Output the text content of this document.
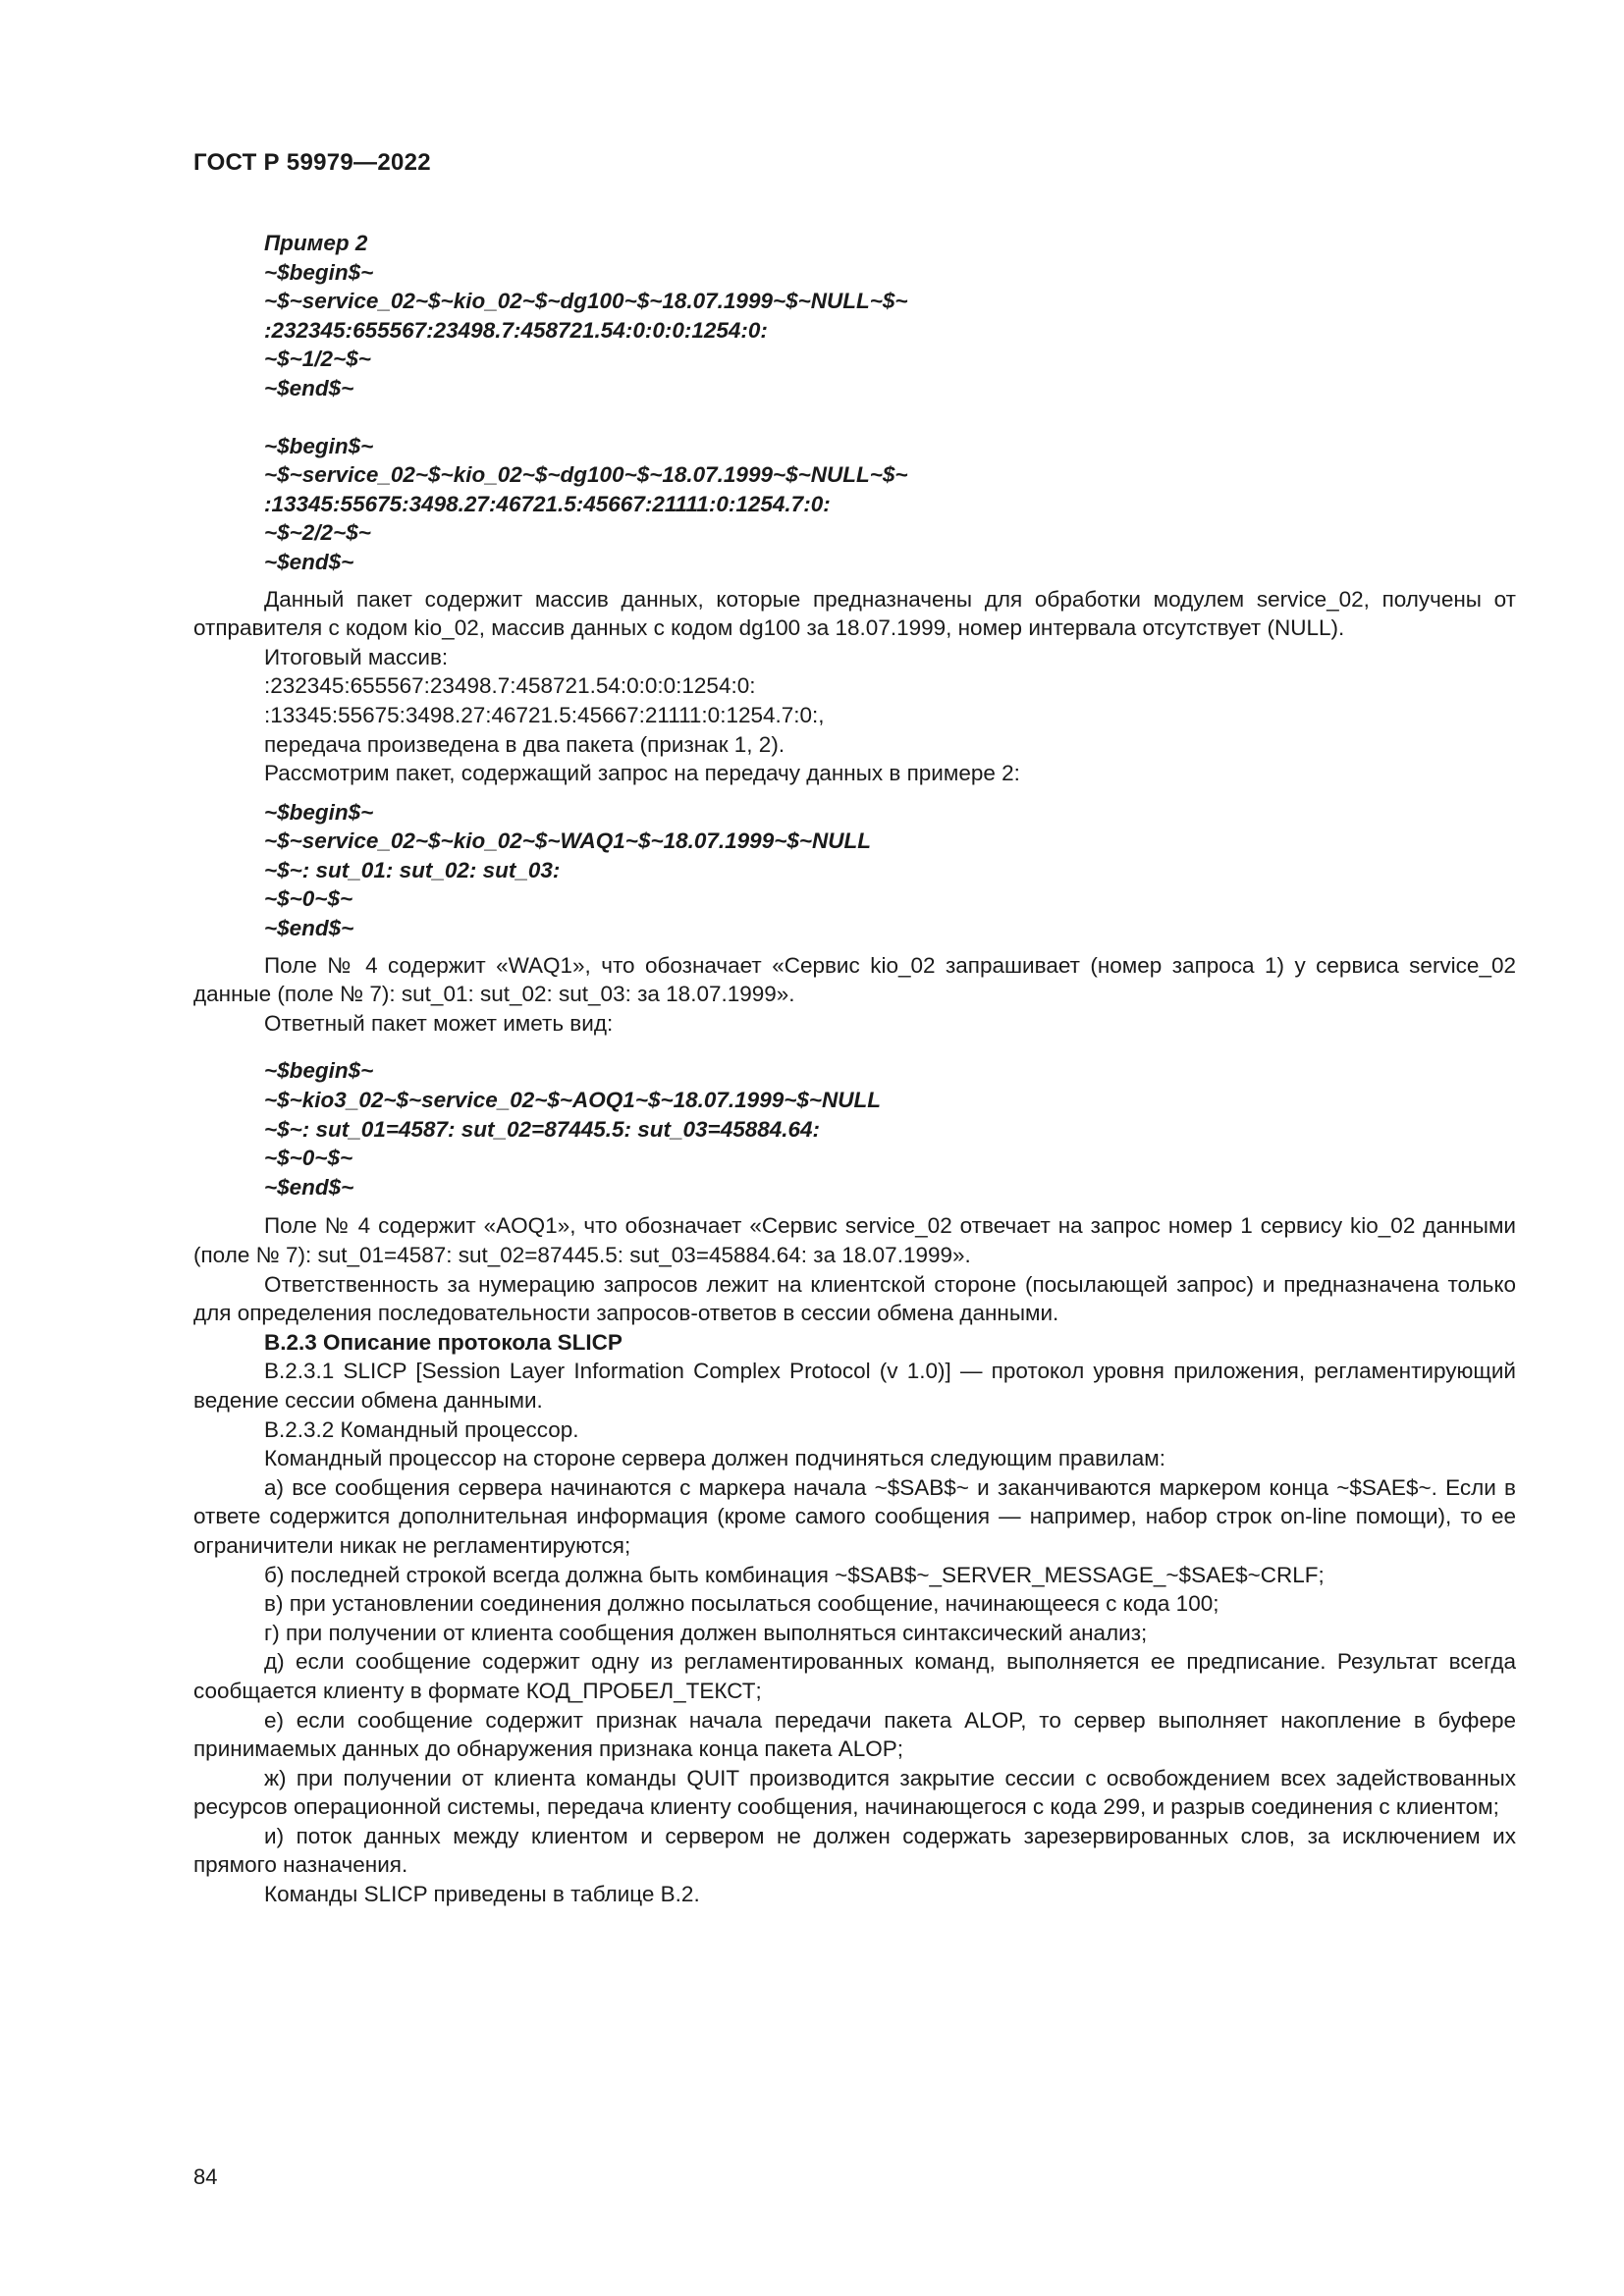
ГОСТ Р 59979—2022
Пример 2
~$begin$~
~$~service_02~$~kio_02~$~dg100~$~18.07.1999~$~NULL~$~
:232345:655567:23498.7:458721.54:0:0:0:1254:0:
~$~1/2~$~
~$end$~
~$begin$~
~$~service_02~$~kio_02~$~dg100~$~18.07.1999~$~NULL~$~
:13345:55675:3498.27:46721.5:45667:21111:0:1254.7:0:
~$~2/2~$~
~$end$~

Данный пакет содержит массив данных, которые предназначены для обработки модулем service_02, получены от отправителя с кодом kio_02, массив данных с кодом dg100 за 18.07.1999, номер интервала отсутствует (NULL).

Итоговый массив:

:232345:655567:23498.7:458721.54:0:0:0:1254:0:

:13345:55675:3498.27:46721.5:45667:21111:0:1254.7:0:,

передача произведена в два пакета (признак 1, 2).

Рассмотрим пакет, содержащий запрос на передачу данных в примере 2:

~$begin$~
~$~service_02~$~kio_02~$~WAQ1~$~18.07.1999~$~NULL
~$~: sut_01: sut_02: sut_03:
~$~0~$~
~$end$~

Поле № 4 содержит «WAQ1», что обозначает «Сервис kio_02 запрашивает (номер запроса 1) у сервиса service_02 данные (поле № 7): sut_01: sut_02: sut_03: за 18.07.1999».

Ответный пакет может иметь вид:

~$begin$~
~$~kio3_02~$~service_02~$~AOQ1~$~18.07.1999~$~NULL
~$~: sut_01=4587: sut_02=87445.5: sut_03=45884.64:
~$~0~$~
~$end$~

Поле № 4 содержит «AOQ1», что обозначает «Сервис service_02 отвечает на запрос номер 1 сервису kio_02 данными (поле № 7): sut_01=4587: sut_02=87445.5: sut_03=45884.64: за 18.07.1999».

Ответственность за нумерацию запросов лежит на клиентской стороне (посылающей запрос) и предназначена только для определения последовательности запросов-ответов в сессии обмена данными.

В.2.3 Описание протокола SLICP

В.2.3.1 SLICP [Session Layer Information Complex Protocol (v 1.0)] — протокол уровня приложения, регламентирующий ведение сессии обмена данными.

В.2.3.2 Командный процессор.

Командный процессор на стороне сервера должен подчиняться следующим правилам:

а) все сообщения сервера начинаются с маркера начала ~$SAB$~ и заканчиваются маркером конца ~$SAE$~. Если в ответе содержится дополнительная информация (кроме самого сообщения — например, набор строк on-line помощи), то ее ограничители никак не регламентируются;

б) последней строкой всегда должна быть комбинация ~$SAB$~_SERVER_MESSAGE_~$SAE$~CRLF;

в) при установлении соединения должно посылаться сообщение, начинающееся с кода 100;

г) при получении от клиента сообщения должен выполняться синтаксический анализ;

д) если сообщение содержит одну из регламентированных команд, выполняется ее предписание. Результат всегда сообщается клиенту в формате КОД_ПРОБЕЛ_ТЕКСТ;

е) если сообщение содержит признак начала передачи пакета ALOP, то сервер выполняет накопление в буфере принимаемых данных до обнаружения признака конца пакета ALOP;

ж) при получении от клиента команды QUIT производится закрытие сессии с освобождением всех задействованных ресурсов операционной системы, передача клиенту сообщения, начинающегося с кода 299, и разрыв соединения с клиентом;

и) поток данных между клиентом и сервером не должен содержать зарезервированных слов, за исключением их прямого назначения.

Команды SLICP приведены в таблице В.2.

84
